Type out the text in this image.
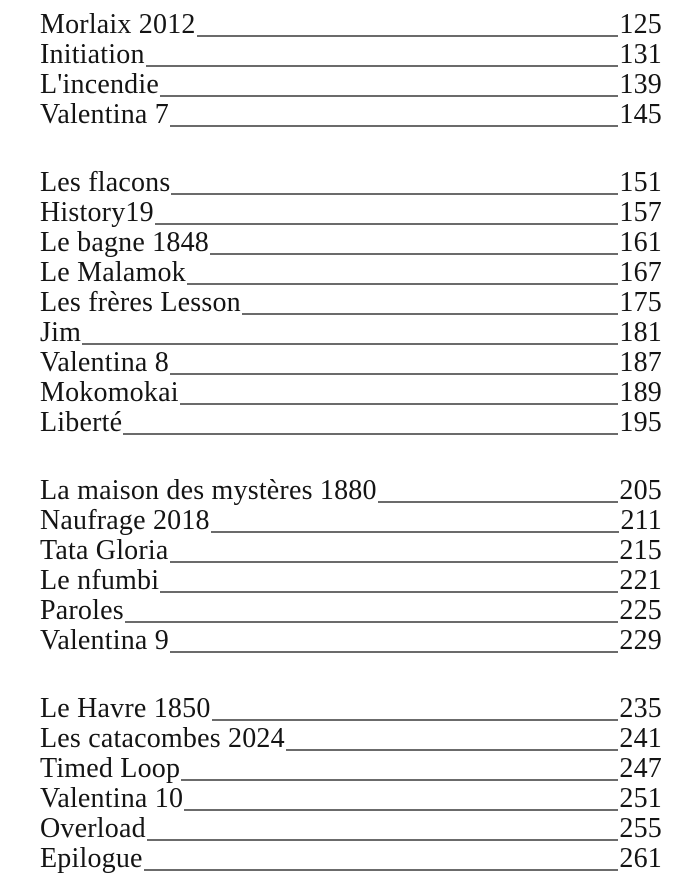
Morlaix 2012	125
Initiation	131
L'incendie	139
Valentina 7	145
Les flacons	151
History19	157
Le bagne 1848	161
Le Malamok	167
Les frères Lesson	175
Jim	181
Valentina 8	187
Mokomokai	189
Liberté	195
La maison des mystères 1880	205
Naufrage 2018	211
Tata Gloria	215
Le nfumbi	221
Paroles	225
Valentina 9	229
Le Havre 1850	235
Les catacombes 2024	241
Timed Loop	247
Valentina 10	251
Overload	255
Epilogue	261
